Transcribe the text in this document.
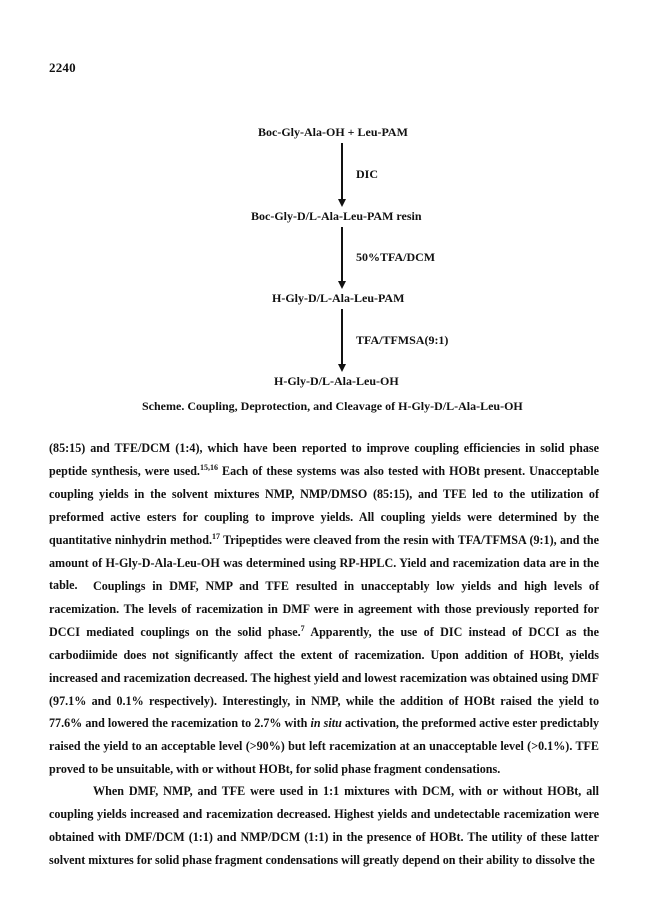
2240
Boc-Gly-Ala-OH + Leu-PAM
DIC
Boc-Gly-D/L-Ala-Leu-PAM resin
50%TFA/DCM
H-Gly-D/L-Ala-Leu-PAM
TFA/TFMSA(9:1)
H-Gly-D/L-Ala-Leu-OH
Scheme. Coupling, Deprotection, and Cleavage of H-Gly-D/L-Ala-Leu-OH

(85:15) and TFE/DCM (1:4), which have been reported to improve coupling efficiencies in solid phase peptide synthesis, were used.$^{15,16}$ Each of these systems was also tested with HOBt present. Unacceptable coupling yields in the solvent mixtures NMP, NMP/DMSO (85:15), and TFE led to the utilization of preformed active esters for coupling to improve yields. All coupling yields were determined by the quantitative ninhydrin method.$^{17}$ Tripeptides were cleaved from the resin with TFA/TFMSA (9:1), and the amount of H-Gly-D-Ala-Leu-OH was determined using RP-HPLC. Yield and racemization data are in the table.	Couplings in DMF, NMP and TFE resulted in unacceptably low yields and high levels of racemization. The levels of racemization in DMF were in agreement with those previously reported for DCCI mediated couplings on the solid phase.$^7$ Apparently, the use of DIC instead of DCCI as the carbodiimide does not significantly affect the extent of racemization. Upon addition of HOBt, yields increased and racemization decreased. The highest yield and lowest racemization was obtained using DMF (97.1% and 0.1% respectively). Interestingly, in NMP, while the addition of HOBt raised the yield to 77.6% and lowered the racemization to 2.7% with in situ activation, the preformed active ester predictably raised the yield to an acceptable level (>90%) but left racemization at an unacceptable level (>0.1%). TFE proved to be unsuitable, with or without HOBt, for solid phase fragment condensations.

When DMF, NMP, and TFE were used in 1:1 mixtures with DCM, with or without HOBt, all coupling yields increased and racemization decreased. Highest yields and undetectable racemization were obtained with DMF/DCM (1:1) and NMP/DCM (1:1) in the presence of HOBt. The utility of these latter solvent mixtures for solid phase fragment condensations will greatly depend on their ability to dissolve the
